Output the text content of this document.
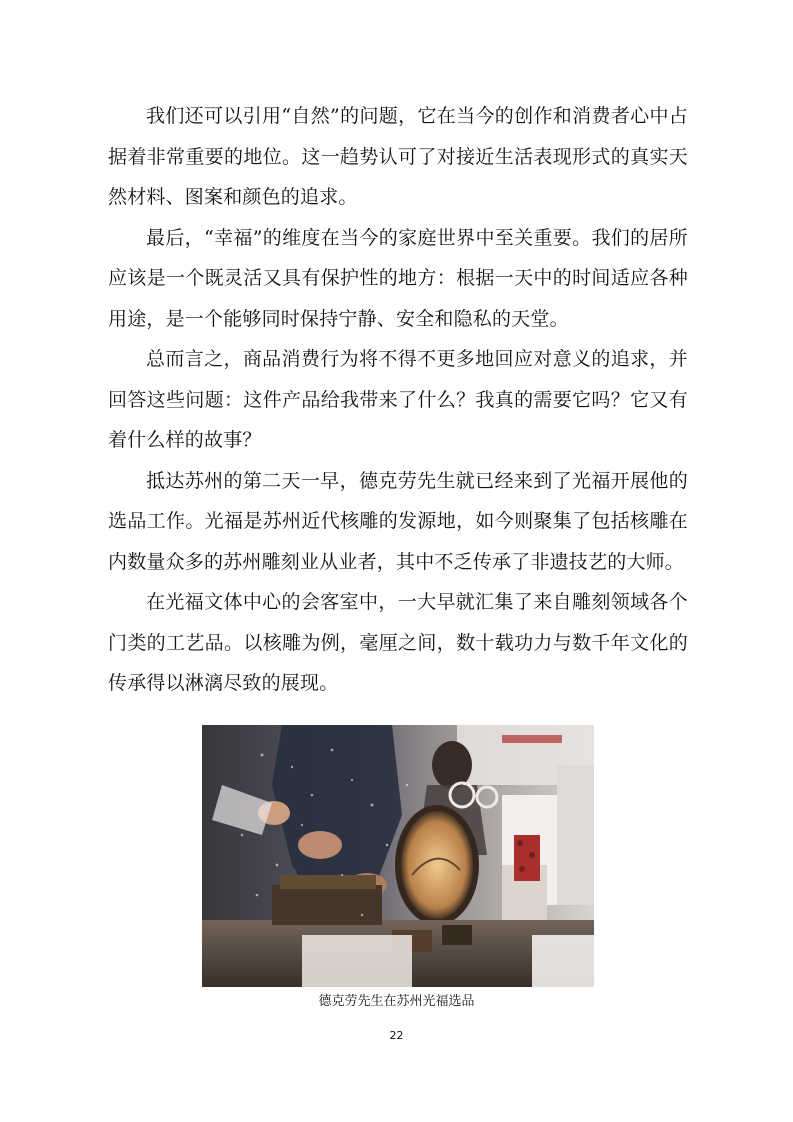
我们还可以引用“自然”的问题，它在当今的创作和消费者心中占据着非常重要的地位。这一趋势认可了对接近生活表现形式的真实天然材料、图案和颜色的追求。

最后，“幸福”的维度在当今的家庭世界中至关重要。我们的居所应该是一个既灵活又具有保护性的地方：根据一天中的时间适应各种用途，是一个能够同时保持宁静、安全和隐私的天堂。

总而言之，商品消费行为将不得不更多地回应对意义的追求，并回答这些问题：这件产品给我带来了什么？我真的需要它吗？它又有着什么样的故事？

抵达苏州的第二天一早，德克劳先生就已经来到了光福开展他的选品工作。光福是苏州近代核雕的发源地，如今则聚集了包括核雕在内数量众多的苏州雕刻业从业者，其中不乏传承了非遗技艺的大师。

在光福文体中心的会客室中，一大早就汇集了来自雕刻领域各个门类的工艺品。以核雕为例，毫厘之间，数十载功力与数千年文化的传承得以淋漓尽致的展现。

德克劳先生在苏州光福选品
22
